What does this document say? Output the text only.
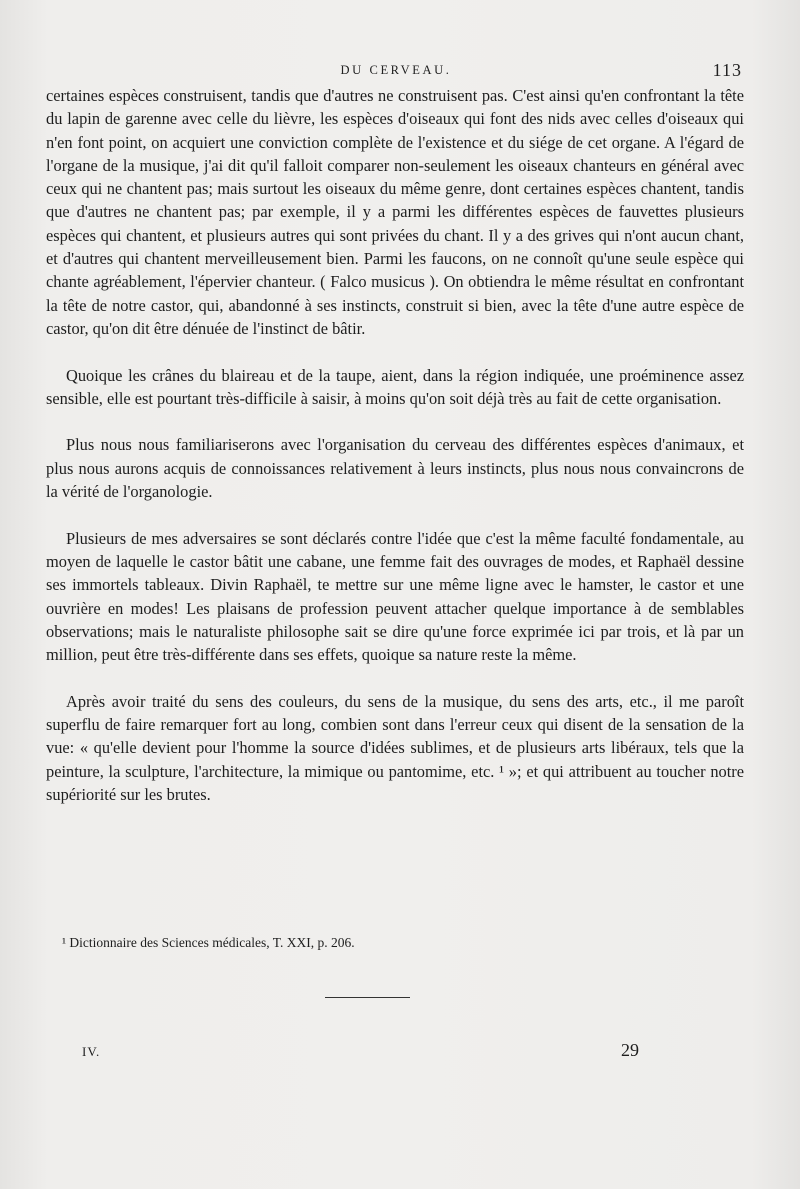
DU CERVEAU.	113

certaines espèces construisent, tandis que d'autres ne construisent pas. C'est ainsi qu'en confrontant la tête du lapin de garenne avec celle du lièvre, les espèces d'oiseaux qui font des nids avec celles d'oiseaux qui n'en font point, on acquiert une conviction complète de l'existence et du siége de cet organe. A l'égard de l'organe de la musique, j'ai dit qu'il falloit comparer non-seulement les oiseaux chanteurs en général avec ceux qui ne chantent pas; mais surtout les oiseaux du même genre, dont certaines espèces chantent, tandis que d'autres ne chantent pas; par exemple, il y a parmi les différentes espèces de fauvettes plusieurs espèces qui chantent, et plusieurs autres qui sont privées du chant. Il y a des grives qui n'ont aucun chant, et d'autres qui chantent merveilleusement bien. Parmi les faucons, on ne connoît qu'une seule espèce qui chante agréablement, l'épervier chanteur. ( Falco musicus ). On obtiendra le même résultat en confrontant la tête de notre castor, qui, abandonné à ses instincts, construit si bien, avec la tête d'une autre espèce de castor, qu'on dit être dénuée de l'instinct de bâtir.

Quoique les crânes du blaireau et de la taupe, aient, dans la région indiquée, une proéminence assez sensible, elle est pourtant très-difficile à saisir, à moins qu'on soit déjà très au fait de cette organisation.

Plus nous nous familiariserons avec l'organisation du cerveau des différentes espèces d'animaux, et plus nous aurons acquis de connoissances relativement à leurs instincts, plus nous nous convaincrons de la vérité de l'organologie.

Plusieurs de mes adversaires se sont déclarés contre l'idée que c'est la même faculté fondamentale, au moyen de laquelle le castor bâtit une cabane, une femme fait des ouvrages de modes, et Raphaël dessine ses immortels tableaux. Divin Raphaël, te mettre sur une même ligne avec le hamster, le castor et une ouvrière en modes! Les plaisans de profession peuvent attacher quelque importance à de semblables observations; mais le naturaliste philosophe sait se dire qu'une force exprimée ici par trois, et là par un million, peut être très-différente dans ses effets, quoique sa nature reste la même.

Après avoir traité du sens des couleurs, du sens de la musique, du sens des arts, etc., il me paroît superflu de faire remarquer fort au long, combien sont dans l'erreur ceux qui disent de la sensation de la vue: « qu'elle devient pour l'homme la source d'idées sublimes, et de plusieurs arts libéraux, tels que la peinture, la sculpture, l'architecture, la mimique ou pantomime, etc. ¹ »; et qui attribuent au toucher notre supériorité sur les brutes.

¹ Dictionnaire des Sciences médicales, T. XXI, p. 206.
IV.	29
